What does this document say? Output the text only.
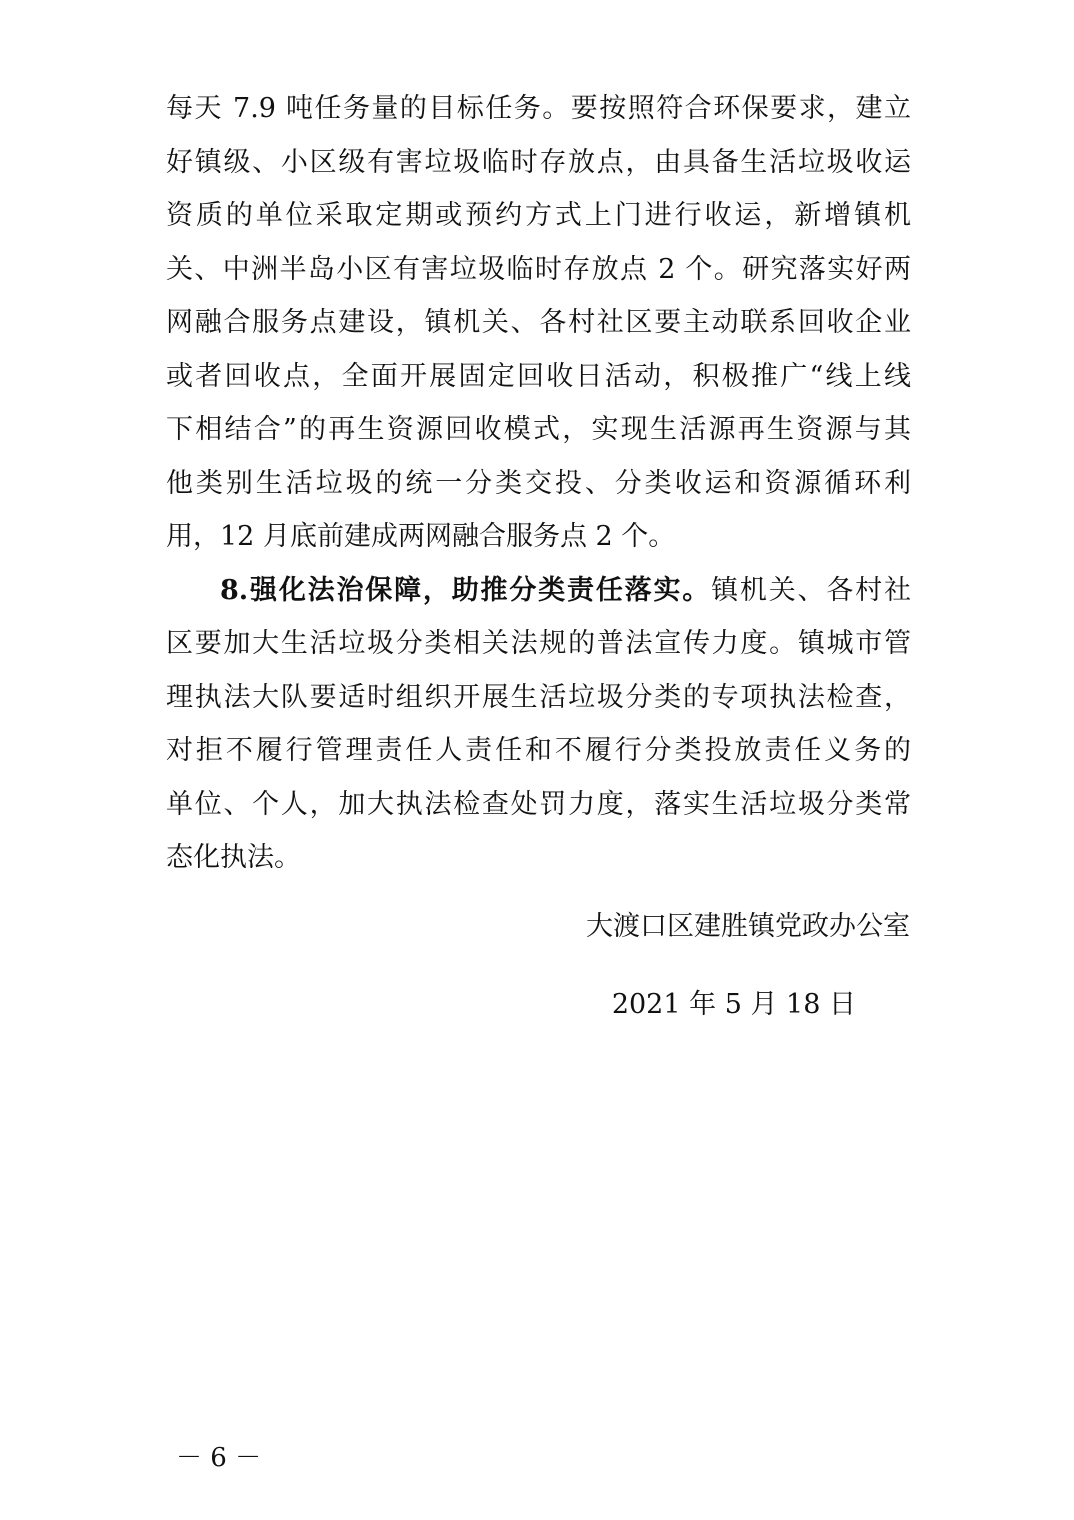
每天 7.9 吨任务量的目标任务。要按照符合环保要求，建立
好镇级、小区级有害垃圾临时存放点，由具备生活垃圾收运
资质的单位采取定期或预约方式上门进行收运，新增镇机
关、中洲半岛小区有害垃圾临时存放点 2 个。研究落实好两
网融合服务点建设，镇机关、各村社区要主动联系回收企业
或者回收点，全面开展固定回收日活动，积极推广“线上线
下相结合”的再生资源回收模式，实现生活源再生资源与其
他类别生活垃圾的统一分类交投、分类收运和资源循环利
用，12 月底前建成两网融合服务点 2 个。
8.强化法治保障，助推分类责任落实。镇机关、各村社
区要加大生活垃圾分类相关法规的普法宣传力度。镇城市管
理执法大队要适时组织开展生活垃圾分类的专项执法检查，
对拒不履行管理责任人责任和不履行分类投放责任义务的
单位、个人，加大执法检查处罚力度，落实生活垃圾分类常
态化执法。
大渡口区建胜镇党政办公室
2021 年 5 月 18 日
－ 6 －
